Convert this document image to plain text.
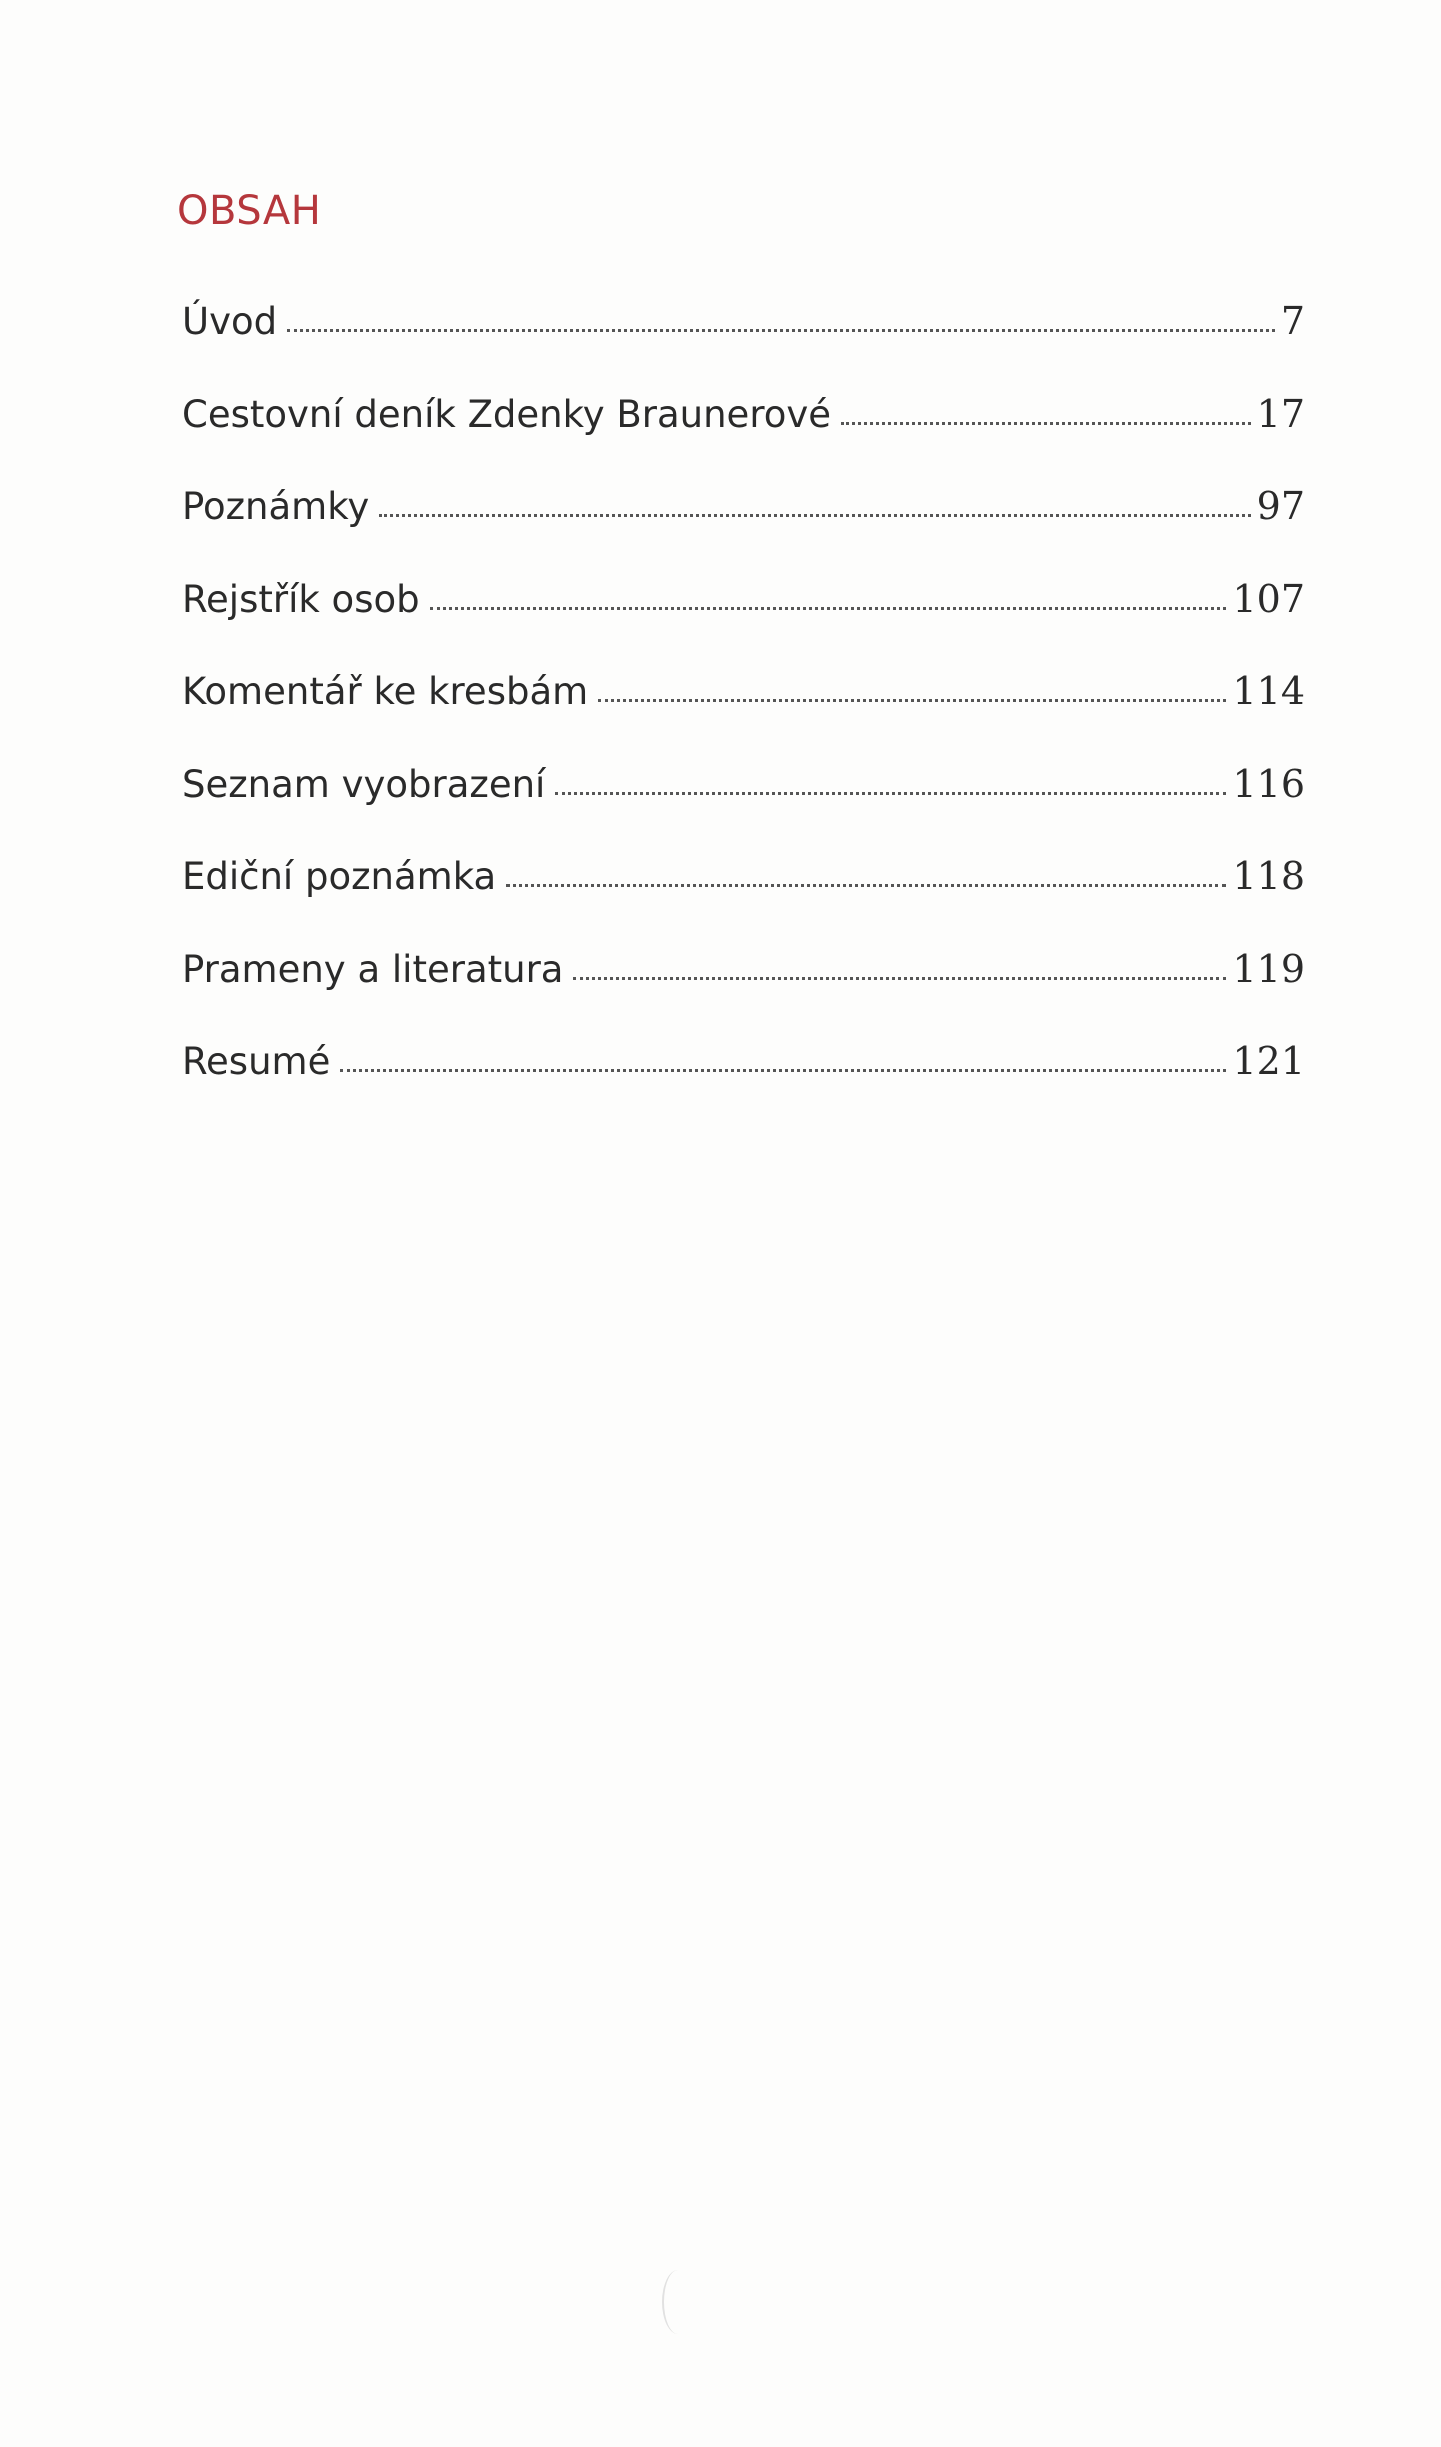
OBSAH
Úvod	7
Cestovní deník Zdenky Braunerové	17
Poznámky	97
Rejstřík osob	107
Komentář ke kresbám	114
Seznam vyobrazení	116
Ediční poznámka	118
Prameny a literatura	119
Resumé	121
